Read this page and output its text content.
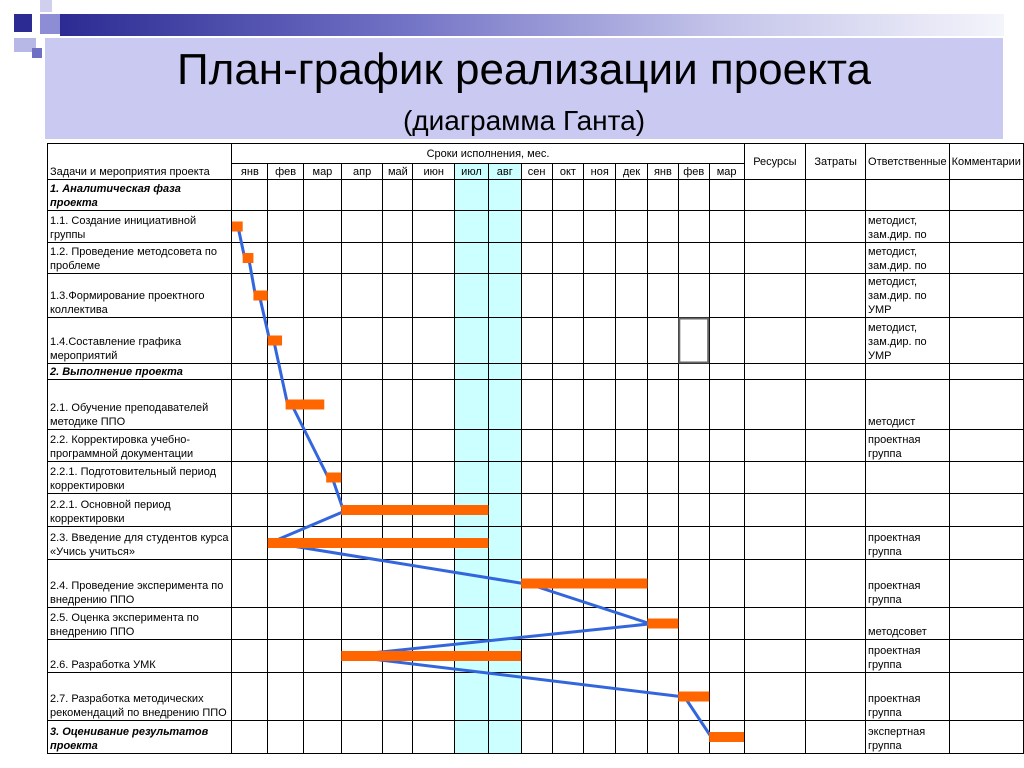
План-график реализации проекта
(диаграмма Ганта)
Задачи и мероприятия проекта	Сроки исполнения, мес.															Ресурсы	Затраты	Ответственные	Комментарии
	янв	фев	мар	апр	май	июн	июл	авг	сен	окт	ноя	дек	янв	фев	мар				
1. Аналитическая фаза проекта																			
1.1. Создание инициативной группы																		методист, зам.дир. по	
1.2. Проведение методсовета по проблеме																		методист, зам.дир. по	
1.3.Формирование проектного коллектива																		методист, зам.дир. по УМР	
1.4.Составление графика мероприятий																		методист, зам.дир. по УМР	
2. Выполнение проекта																			
2.1. Обучение преподавателей методике ППО																		методист	
2.2. Корректировка учебно-программной документации																		проектная группа	
2.2.1. Подготовительный период корректировки																			
2.2.1. Основной период корректировки																			
2.3. Введение для студентов курса «Учись учиться»																		проектная группа	
2.4. Проведение эксперимента по внедрению ППО																		проектная группа	
2.5. Оценка эксперимента по внедрению ППО																		методсовет	
2.6. Разработка УМК																		проектная группа	
2.7. Разработка методических рекомендаций по внедрению ППО																		проектная группа	
3. Оценивание результатов проекта																		экспертная группа	
